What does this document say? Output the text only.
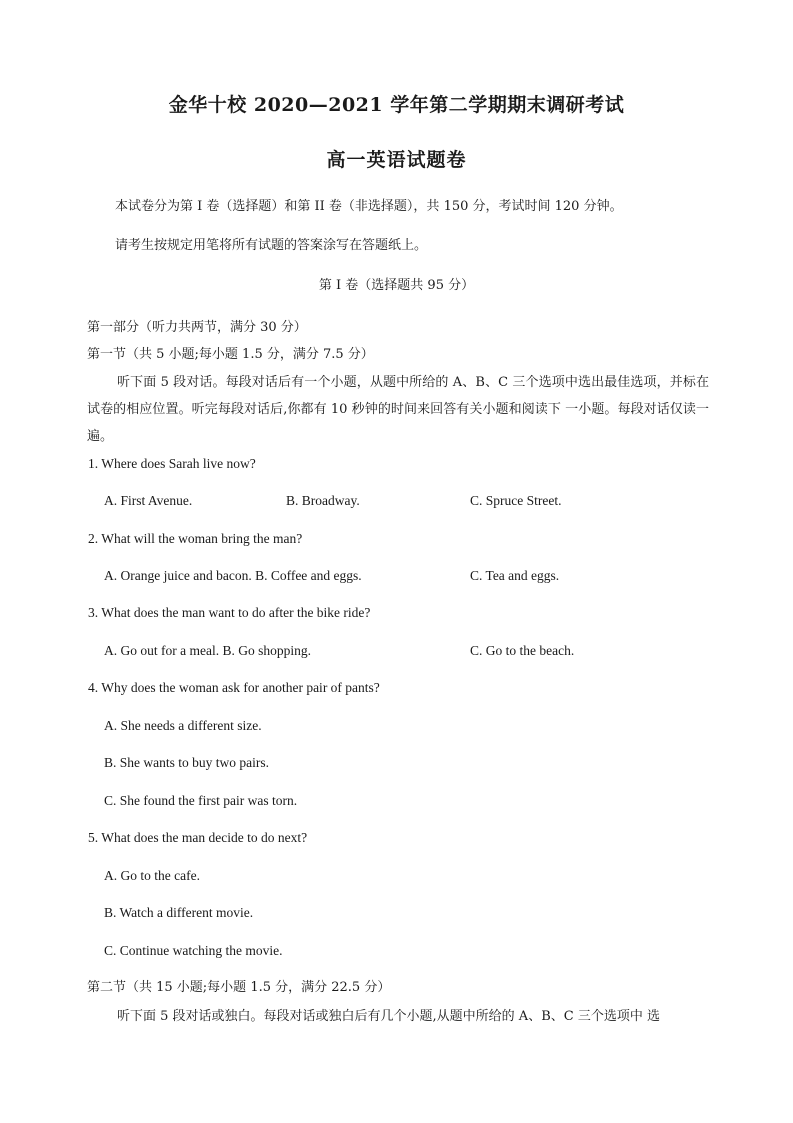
金华十校 2020—2021 学年第二学期期末调研考试
高一英语试题卷
本试卷分为第 I 卷（选择题）和第 II 卷（非选择题），共 150 分，考试时间 120 分钟。
请考生按规定用笔将所有试题的答案涂写在答题纸上。
第 I 卷（选择题共 95 分）
第一部分（听力共两节，满分 30 分）
第一节（共 5 小题;每小题 1.5 分，满分 7.5 分）
听下面 5 段对话。每段对话后有一个小题，从题中所给的 A、B、C 三个选项中选出最佳选项，并标在试卷的相应位置。听完每段对话后,你都有 10 秒钟的时间来回答有关小题和阅读下 一小题。每段对话仅读一遍。
1. Where does Sarah live now?
A. First Avenue.	B. Broadway.	C. Spruce Street.
2. What will the woman bring the man?
A. Orange juice and bacon. B. Coffee and eggs.	C. Tea and eggs.
3. What does the man want to do after the bike ride?
A. Go out for a meal. B. Go shopping.	C. Go to the beach.
4. Why does the woman ask for another pair of pants?
A. She needs a different size.
B. She wants to buy two pairs.
C. She found the first pair was torn.
5. What does the man decide to do next?
A. Go to the cafe.
B. Watch a different movie.
C. Continue watching the movie.
第二节（共 15 小题;每小题 1.5 分，满分 22.5 分）
听下面 5 段对话或独白。每段对话或独白后有几个小题,从题中所给的 A、B、C 三个选项中 选
